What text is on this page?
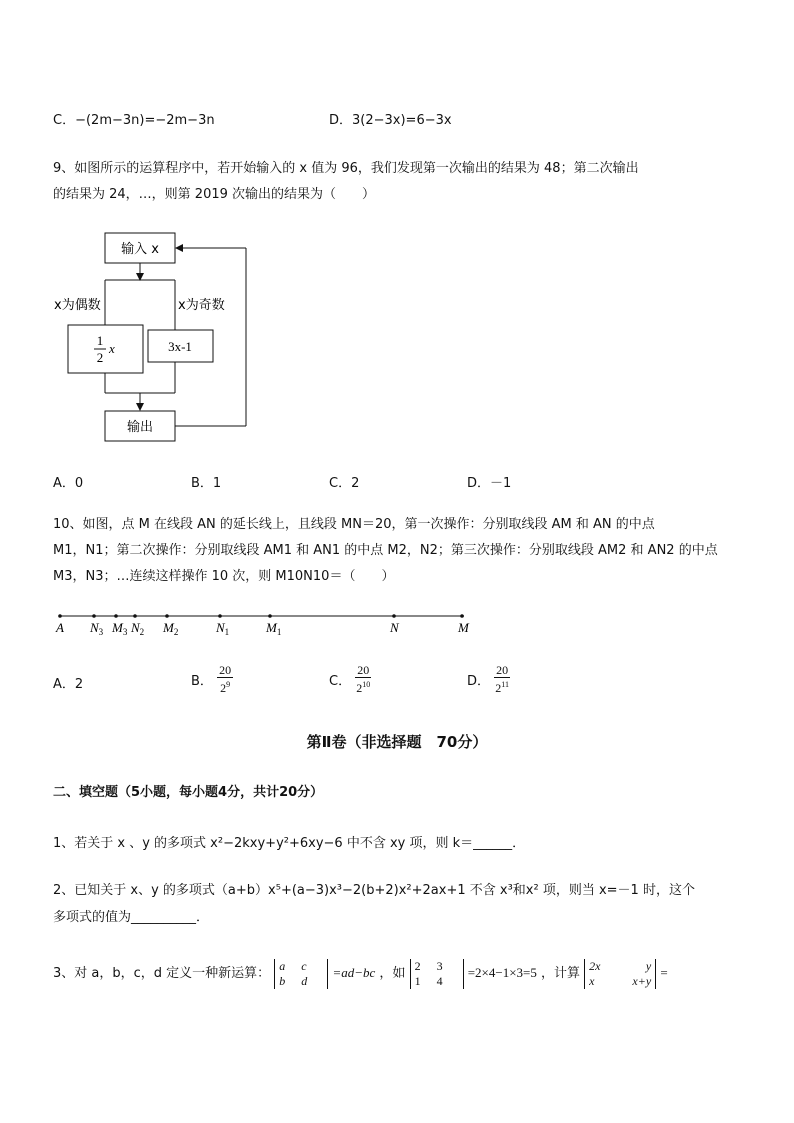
C．−(2m−3n)=−2m−3n	D．3(2−3x)=6−3x
9、如图所示的运算程序中，若开始输入的 x 值为 96，我们发现第一次输出的结果为 48；第二次输出
的结果为 24，…，则第 2019 次输出的结果为（　　）
输入 x
x为偶数	x为奇数
1
2
x	3x-1
输出
A．0	B．1	C．2	D．－1
10、如图，点 M 在线段 AN 的延长线上，且线段 MN＝20，第一次操作：分别取线段 AM 和 AN 的中点
M1，N1；第二次操作：分别取线段 AM1 和 AN1 的中点 M2，N2；第三次操作：分别取线段 AM2 和 AN2 的中点
M3，N3；…连续这样操作 10 次，则 M10N10＝（　　）
A $N_3$ $M_3$ $N_2$ $M_2$	$N_1$	$M_1$	N	M
A．2	B． $\frac{20}{2^9}$	C． $\frac{20}{2^{10}}$	D． $\frac{20}{2^{11}}$
第Ⅱ卷（非选择题　70分）
二、填空题（5小题，每小题4分，共计20分）
1、若关于 x 、y 的多项式 x²−2kxy+y²+6xy−6 中不含 xy 项，则 k＝______．
2、已知关于 x、y 的多项式（a+b）x⁵+(a−3)x³−2(b+2)x²+2ax+1 不含 x³和x² 项，则当 x=－1 时，这个
多项式的值为__________．
3、对 a，b，c，d 定义一种新运算： a c
b d =ad−bc ，如 2 3
1 4 =2×4−1×3=5 ，计算 2x	y
x	x+y =
